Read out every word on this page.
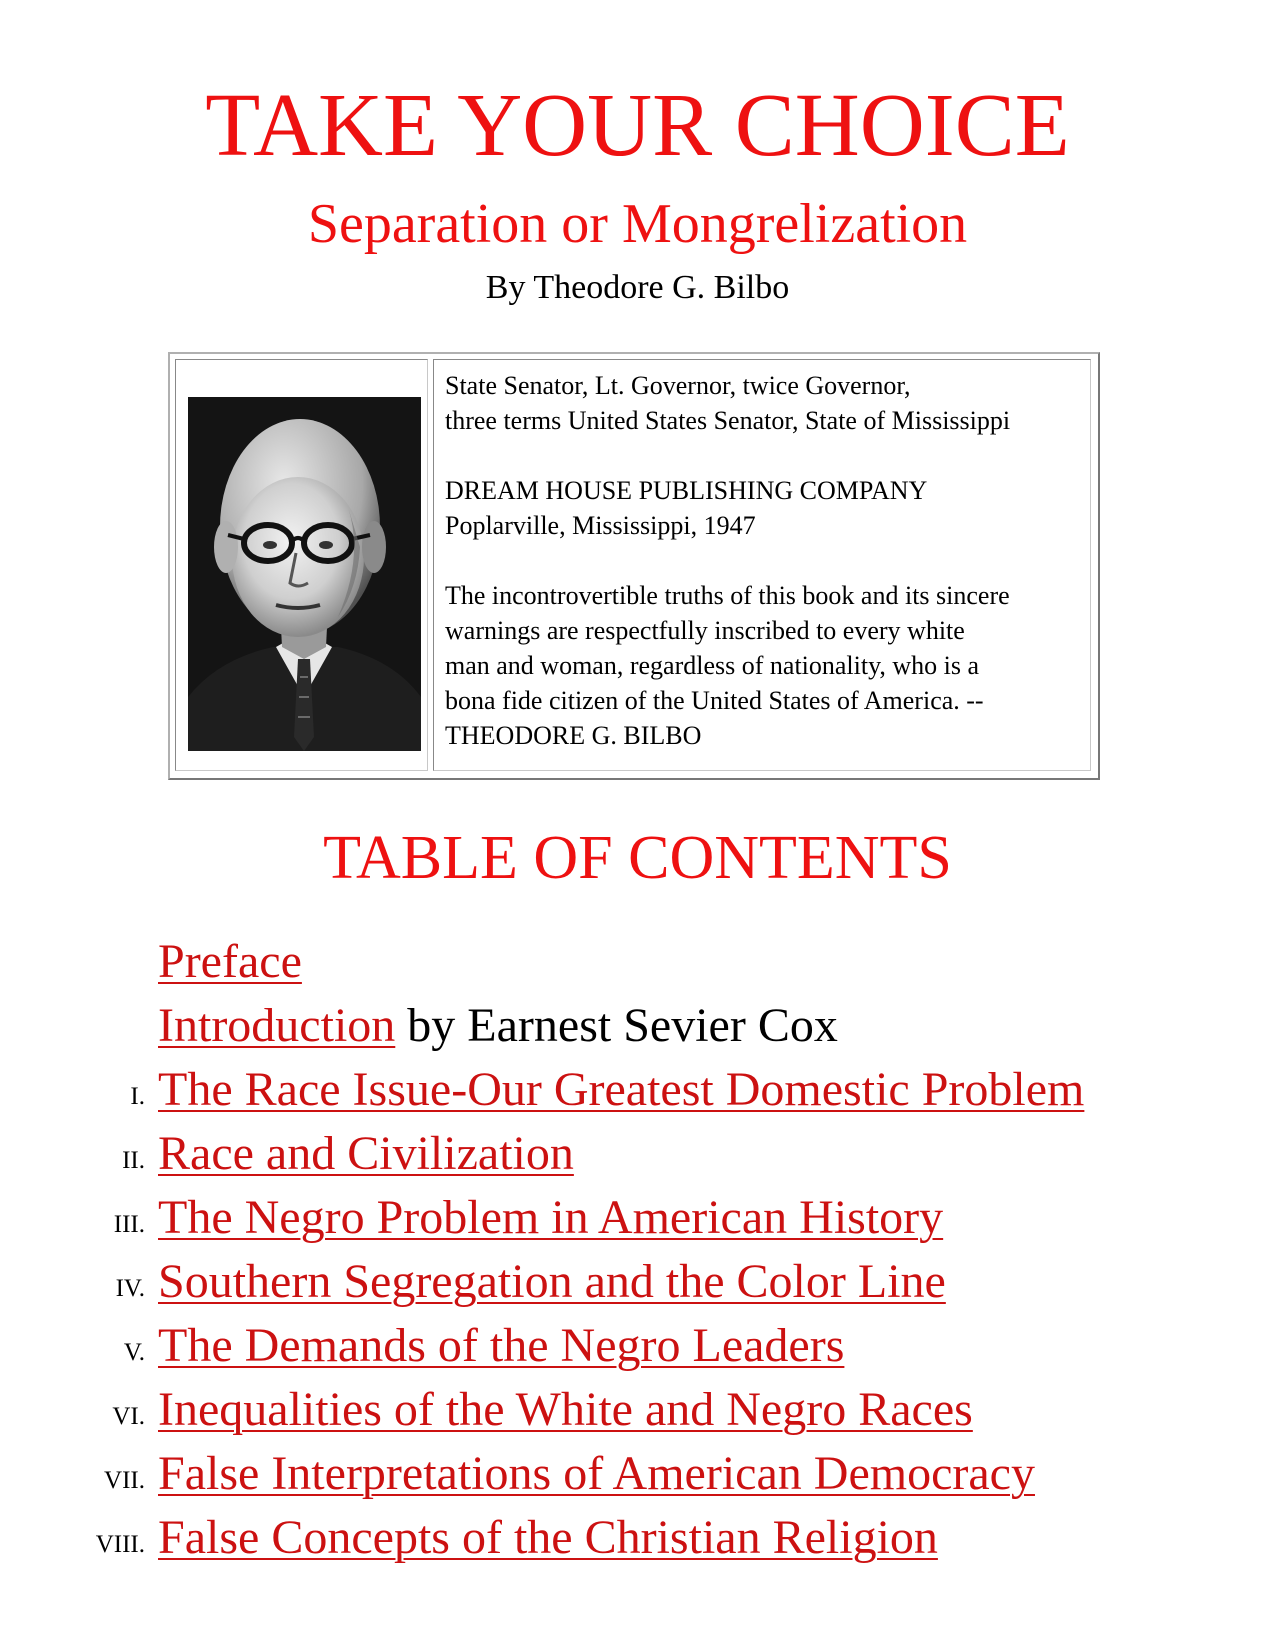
TAKE YOUR CHOICE
Separation or Mongrelization
By Theodore G. Bilbo

State Senator, Lt. Governor, twice Governor,
three terms United States Senator, State of Mississippi

DREAM HOUSE PUBLISHING COMPANY
Poplarville, Mississippi, 1947

The incontrovertible truths of this book and its sincere
warnings are respectfully inscribed to every white
man and woman, regardless of nationality, who is a
bona fide citizen of the United States of America. --
THEODORE G. BILBO

TABLE OF CONTENTS
Preface
Introduction by Earnest Sevier Cox
I. The Race Issue-Our Greatest Domestic Problem
II. Race and Civilization
III. The Negro Problem in American History
IV. Southern Segregation and the Color Line
V. The Demands of the Negro Leaders
VI. Inequalities of the White and Negro Races
VII. False Interpretations of American Democracy
VIII. False Concepts of the Christian Religion
